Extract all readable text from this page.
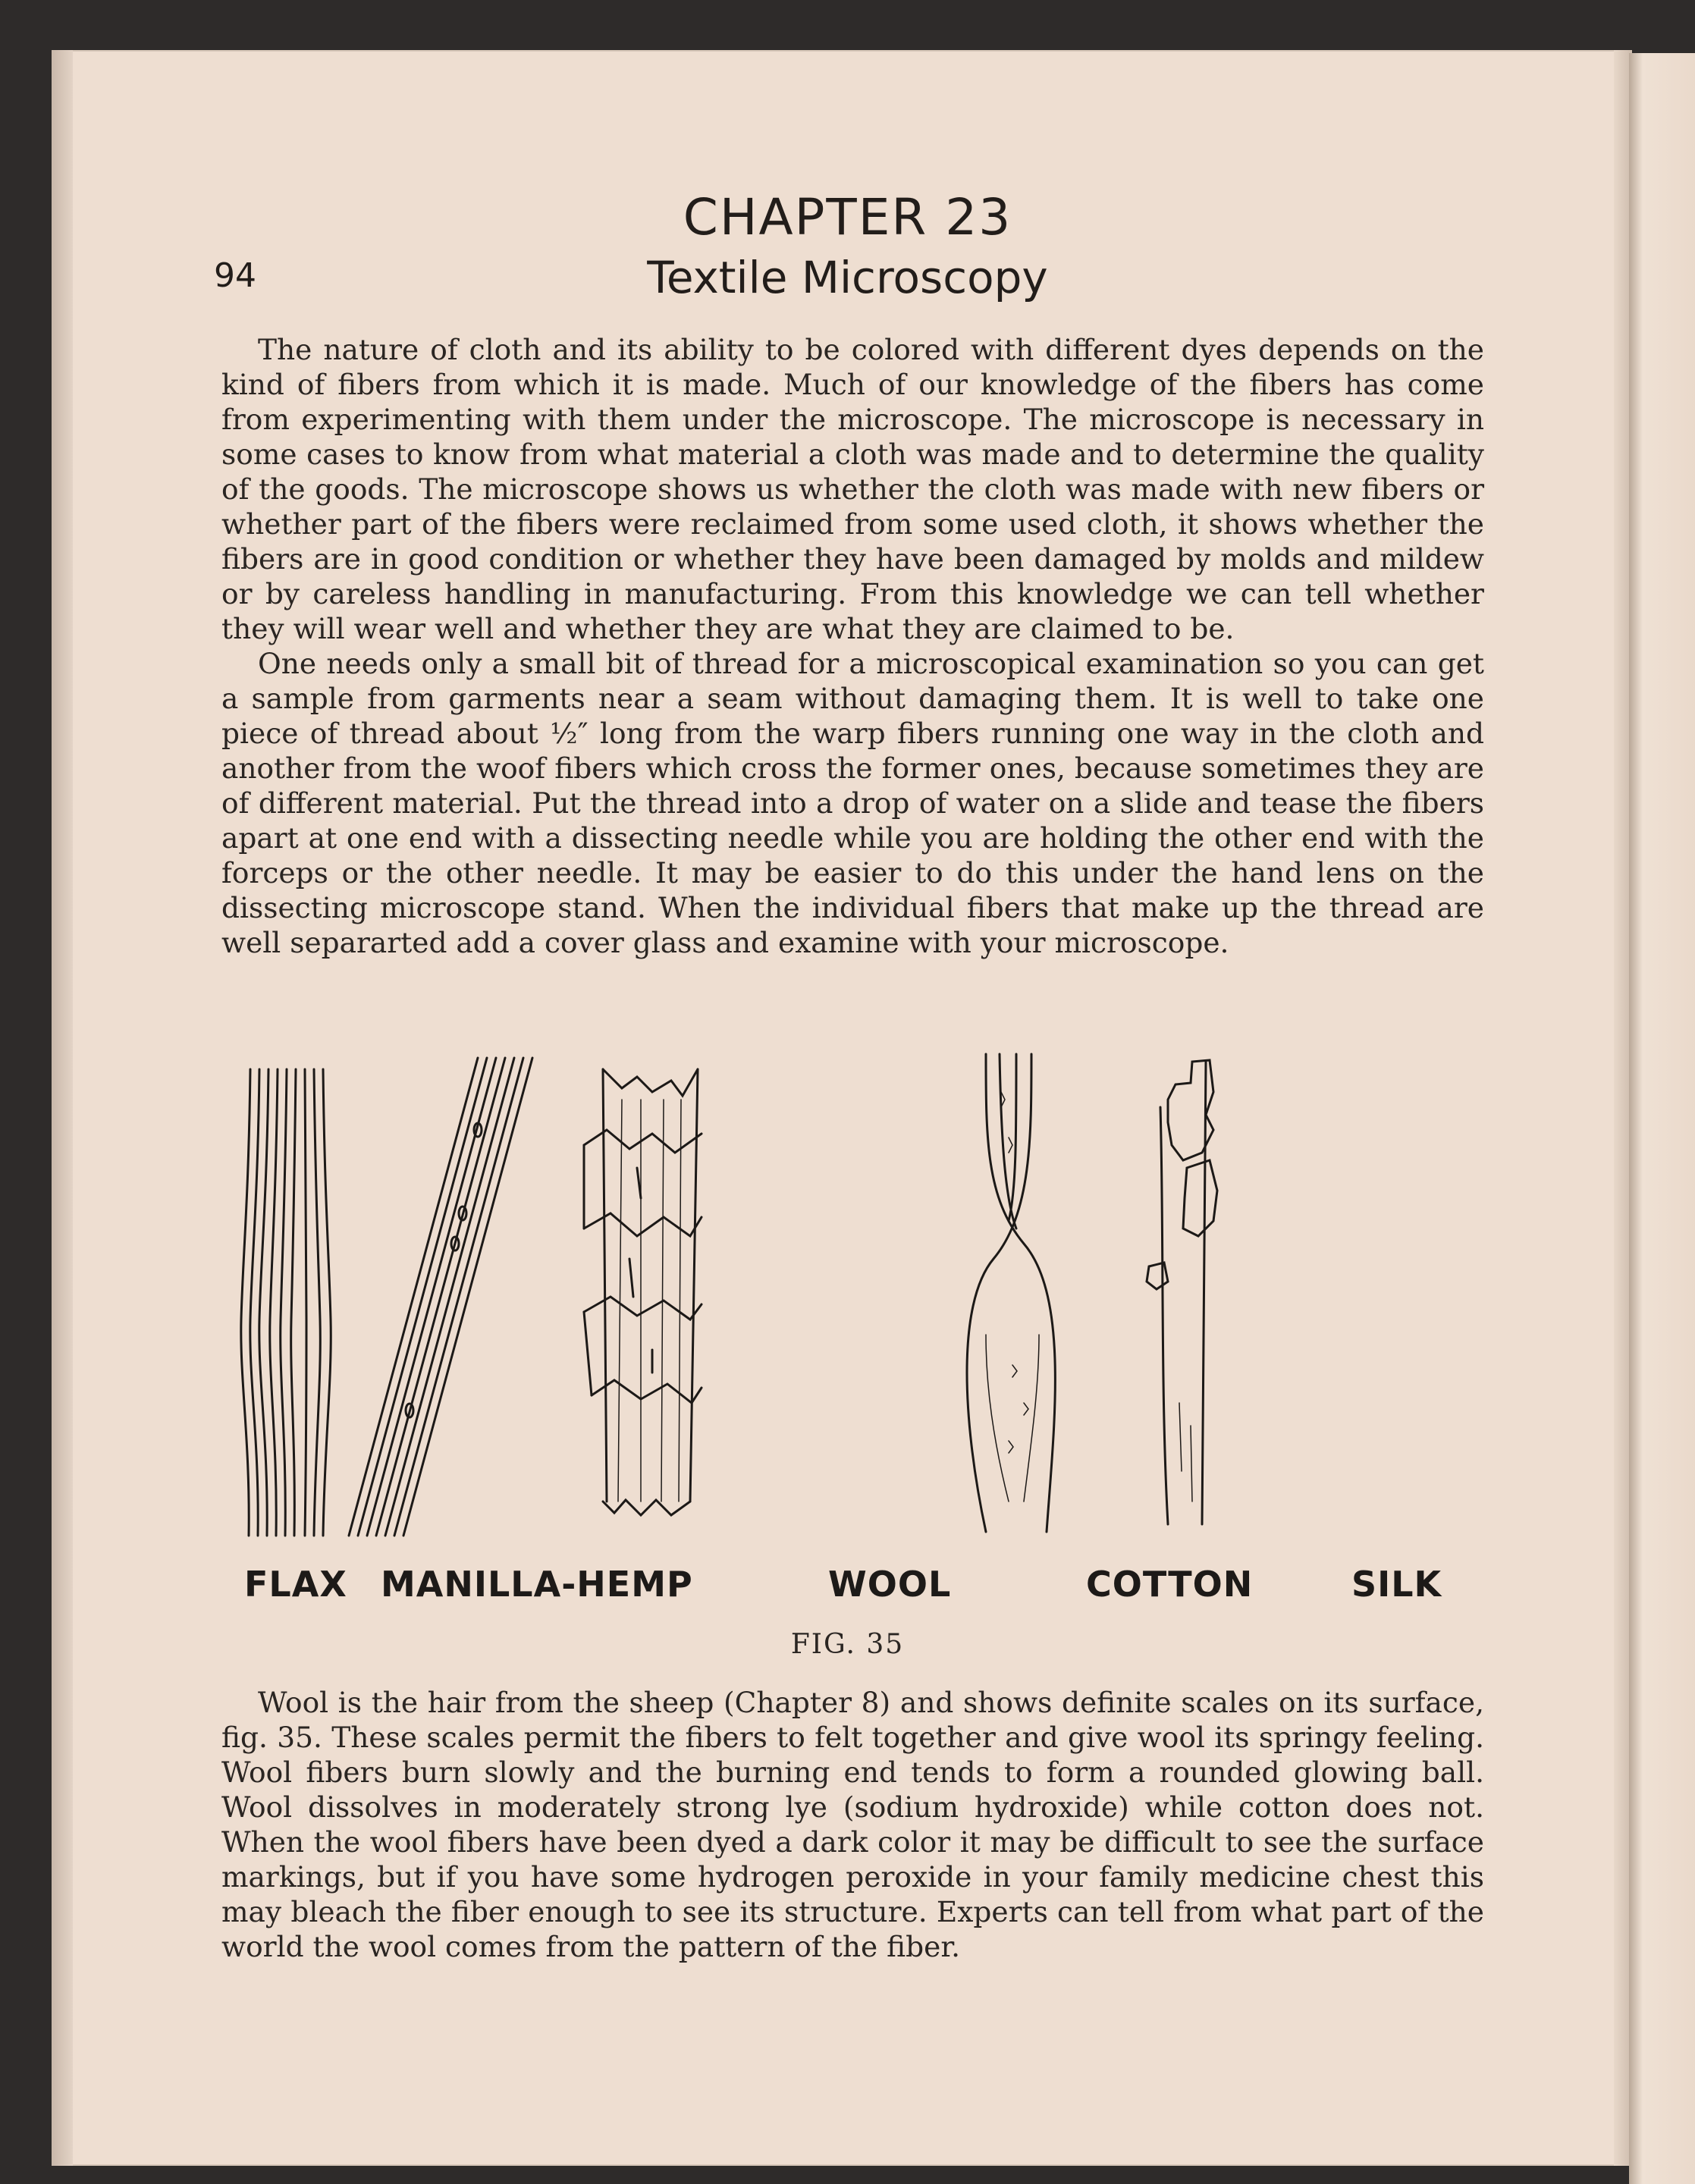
CHAPTER 23
94	Textile Microscopy

The nature of cloth and its ability to be colored with different dyes depends on the kind of fibers from which it is made. Much of our knowledge of the fibers has come from experimenting with them under the microscope. The microscope is necessary in some cases to know from what material a cloth was made and to determine the quality of the goods. The microscope shows us whether the cloth was made with new fibers or whether part of the fibers were reclaimed from some used cloth, it shows whether the fibers are in good condition or whether they have been damaged by molds and mildew or by careless handling in manufacturing. From this knowledge we can tell whether they will wear well and whether they are what they are claimed to be.

One needs only a small bit of thread for a microscopical examination so you can get a sample from garments near a seam without damaging them. It is well to take one piece of thread about ½″ long from the warp fibers running one way in the cloth and another from the woof fibers which cross the former ones, because sometimes they are of different material. Put the thread into a drop of water on a slide and tease the fibers apart at one end with a dissecting needle while you are holding the other end with the forceps or the other needle. It may be easier to do this under the hand lens on the dissecting microscope stand. When the individual fibers that make up the thread are well separarted add a cover glass and examine with your microscope.

FLAX MANILLA-HEMP	WOOL	COTTON	SILK
FIG. 35

Wool is the hair from the sheep (Chapter 8) and shows definite scales on its surface, fig. 35. These scales permit the fibers to felt together and give wool its springy feeling. Wool fibers burn slowly and the burning end tends to form a rounded glowing ball. Wool dissolves in moderately strong lye (sodium hydroxide) while cotton does not. When the wool fibers have been dyed a dark color it may be difficult to see the surface markings, but if you have some hydrogen peroxide in your family medicine chest this may bleach the fiber enough to see its structure. Experts can tell from what part of the world the wool comes from the pattern of the fiber.
